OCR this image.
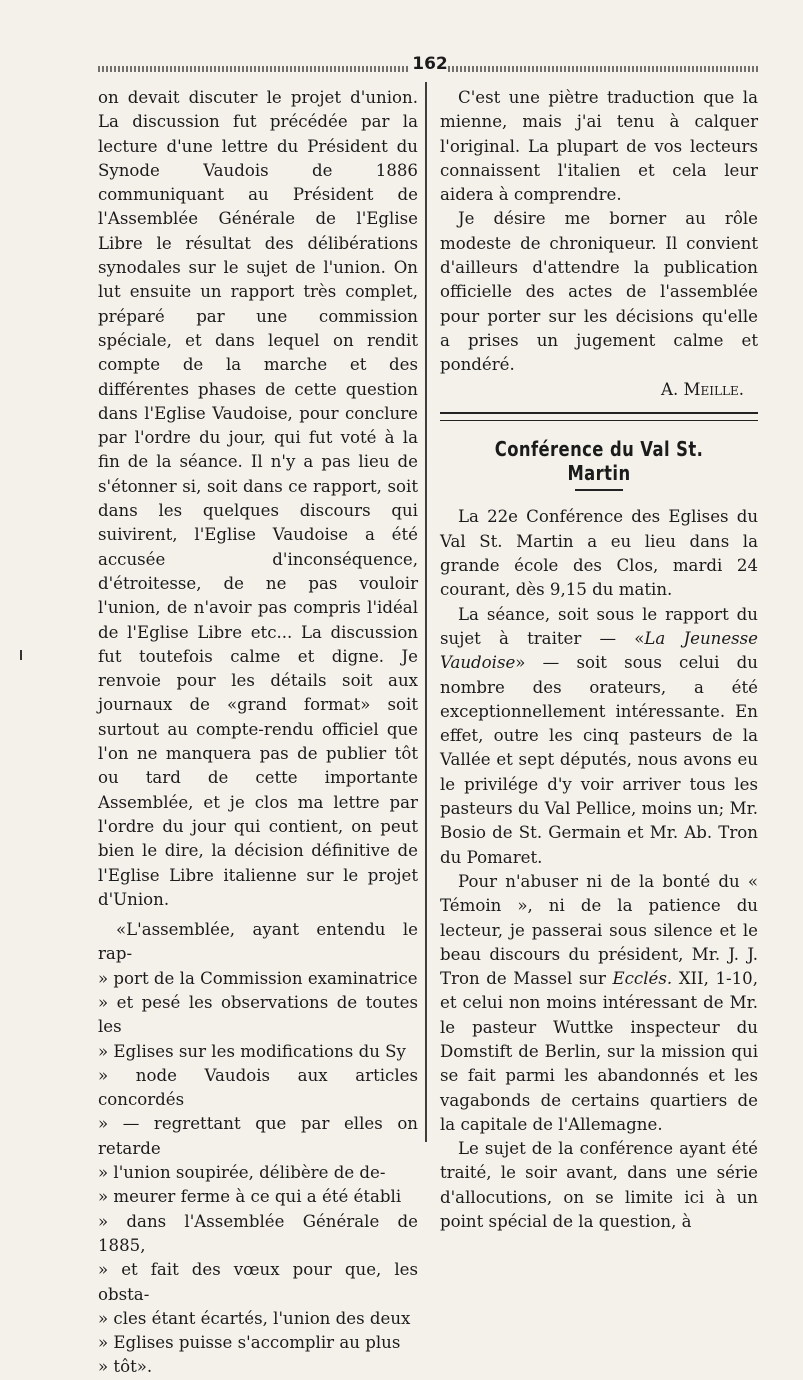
162

on devait discuter le projet d'union. La discussion fut précédée par la lecture d'une lettre du Président du Synode Vaudois de 1886 communiquant au Président de l'Assemblée Générale de l'Eglise Libre le résultat des délibérations synodales sur le sujet de l'union. On lut ensuite un rapport très complet, préparé par une commission spéciale, et dans lequel on rendit compte de la marche et des différentes phases de cette question dans l'Eglise Vaudoise, pour conclure par l'ordre du jour, qui fut voté à la fin de la séance. Il n'y a pas lieu de s'étonner si, soit dans ce rapport, soit dans les quelques discours qui suivirent, l'Eglise Vaudoise a été accusée d'inconséquence, d'étroitesse, de ne pas vouloir l'union, de n'avoir pas compris l'idéal de l'Eglise Libre etc... La discussion fut toutefois calme et digne. Je renvoie pour les détails soit aux journaux de «grand format» soit surtout au compte-rendu officiel que l'on ne manquera pas de publier tôt ou tard de cette importante Assemblée, et je clos ma lettre par l'ordre du jour qui contient, on peut bien le dire, la décision définitive de l'Eglise Libre italienne sur le projet d'Union.

«L'assemblée, ayant entendu le rap-
» port de la Commission examinatrice
» et pesé les observations de toutes les
» Eglises sur les modifications du Sy
» node Vaudois aux articles concordés
» — regrettant que par elles on retarde
» l'union soupirée, délibère de de-
» meurer ferme à ce qui a été établi
» dans l'Assemblée Générale de 1885,
» et fait des vœux pour que, les obsta-
» cles étant écartés, l'union des deux
» Eglises puisse s'accomplir au plus
» tôt».

C'est une piètre traduction que la mienne, mais j'ai tenu à calquer l'original. La plupart de vos lecteurs connaissent l'italien et cela leur aidera à comprendre.

Je désire me borner au rôle modeste de chroniqueur. Il convient d'ailleurs d'attendre la publication officielle des actes de l'assemblée pour porter sur les décisions qu'elle a prises un jugement calme et pondéré.

A. Meille.

Conférence du Val St. Martin

La 22e Conférence des Eglises du Val St. Martin a eu lieu dans la grande école des Clos, mardi 24 courant, dès 9,15 du matin.

La séance, soit sous le rapport du sujet à traiter — «La Jeunesse Vaudoise» — soit sous celui du nombre des orateurs, a été exceptionnellement intéressante. En effet, outre les cinq pasteurs de la Vallée et sept députés, nous avons eu le privilége d'y voir arriver tous les pasteurs du Val Pellice, moins un; Mr. Bosio de St. Germain et Mr. Ab. Tron du Pomaret.

Pour n'abuser ni de la bonté du « Témoin », ni de la patience du lecteur, je passerai sous silence et le beau discours du président, Mr. J. J. Tron de Massel sur Ecclés. XII, 1-10, et celui non moins intéressant de Mr. le pasteur Wuttke inspecteur du Domstift de Berlin, sur la mission qui se fait parmi les abandonnés et les vagabonds de certains quartiers de la capitale de l'Allemagne.

Le sujet de la conférence ayant été traité, le soir avant, dans une série d'allocutions, on se limite ici à un point spécial de la question, à
